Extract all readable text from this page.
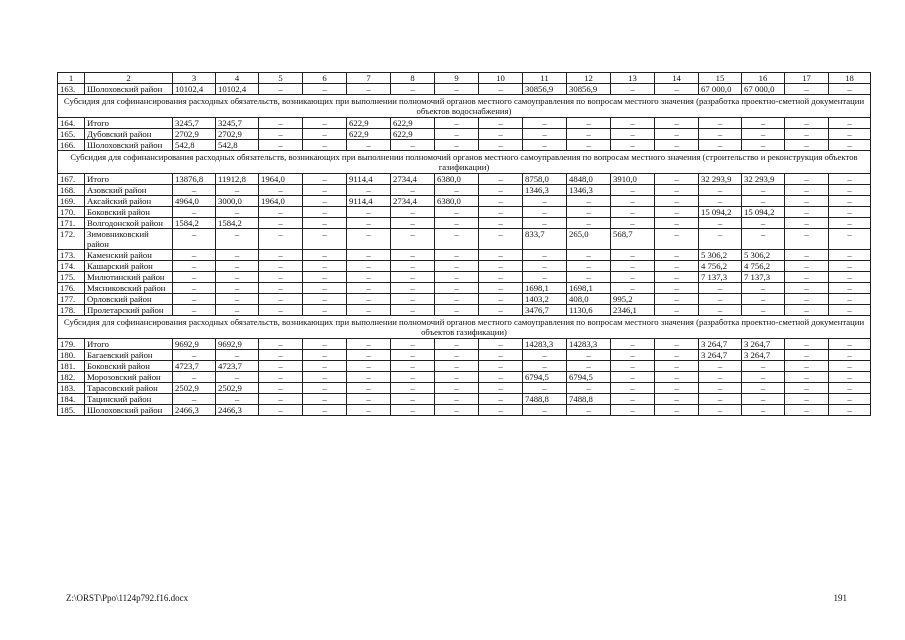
1	2	3	4	5	6	7	8	9	10	11	12	13	14	15	16	17	18
163.	Шолоховский район	10102,4	10102,4	–	–	–	–	–	–	30856,9	30856,9	–	–	67 000,0	67 000,0	–	–
Субсидия для софинансирования расходных обязательств, возникающих при выполнении полномочий органов местного самоуправления по вопросам местного значения (разработка проектно-сметной документации объектов водоснабжения)																	
164.	Итого	3245,7	3245,7	–	–	622,9	622,9	–	–	–	–	–	–	–	–	–	–
165.	Дубовский район	2702,9	2702,9	–	–	622,9	622,9	–	–	–	–	–	–	–	–	–	–
166.	Шолоховский район	542,8	542,8	–	–	–	–	–	–	–	–	–	–	–	–	–	–
Субсидия для софинансирования расходных обязательств, возникающих при выполнении полномочий органов местного самоуправления по вопросам местного значения (строительство и реконструкция объектов газификации)																	
167.	Итого	13876,8	11912,8	1964,0	–	9114,4	2734,4	6380,0	–	8758,0	4848,0	3910,0	–	32 293,9	32 293,9	–	–
168.	Азовский район	–	–	–	–	–	–	–	–	1346,3	1346,3	–	–	–	–	–	–
169.	Аксайский район	4964,0	3000,0	1964,0	–	9114,4	2734,4	6380,0	–	–	–	–	–	–	–	–	–
170.	Боковский район	–	–	–	–	–	–	–	–	–	–	–	–	15 094,2	15 094,2	–	–
171.	Волгодонской район	1584,2	1584,2	–	–	–	–	–	–	–	–	–	–	–	–	–	–
172.	Зимовниковский район	–	–	–	–	–	–	–	–	833,7	265,0	568,7	–	–	–	–	–
173.	Каменский район	–	–	–	–	–	–	–	–	–	–	–	–	5 306,2	5 306,2	–	–
174.	Кашарский район	–	–	–	–	–	–	–	–	–	–	–	–	4 756,2	4 756,2	–	–
175.	Милютинский район	–	–	–	–	–	–	–	–	–	–	–	–	7 137,3	7 137,3	–	–
176.	Мясниковский район	–	–	–	–	–	–	–	–	1698,1	1698,1	–	–	–	–	–	–
177.	Орловский район	–	–	–	–	–	–	–	–	1403,2	408,0	995,2	–	–	–	–	–
178.	Пролетарский район	–	–	–	–	–	–	–	–	3476,7	1130,6	2346,1	–	–	–	–	–
Субсидия для софинансирования расходных обязательств, возникающих при выполнении полномочий органов местного самоуправления по вопросам местного значения (разработка проектно-сметной документации объектов газификации)																	
179.	Итого	9692,9	9692,9	–	–	–	–	–	–	14283,3	14283,3	–	–	3 264,7	3 264,7	–	–
180.	Багаевский район	–	–	–	–	–	–	–	–	–	–	–	–	3 264,7	3 264,7	–	–
181.	Боковский район	4723,7	4723,7	–	–	–	–	–	–	–	–	–	–	–	–	–	–
182.	Морозовский район	–	–	–	–	–	–	–	–	6794,5	6794,5	–	–	–	–	–	–
183.	Тарасовский район	2502,9	2502,9	–	–	–	–	–	–	–	–	–	–	–	–	–	–
184.	Тацинский район	–	–	–	–	–	–	–	–	7488,8	7488,8	–	–	–	–	–	–
185.	Шолоховский район	2466,3	2466,3	–	–	–	–	–	–	–	–	–	–	–	–	–	–
Z:\ORST\Ppo\1124p792.f16.docx	191
